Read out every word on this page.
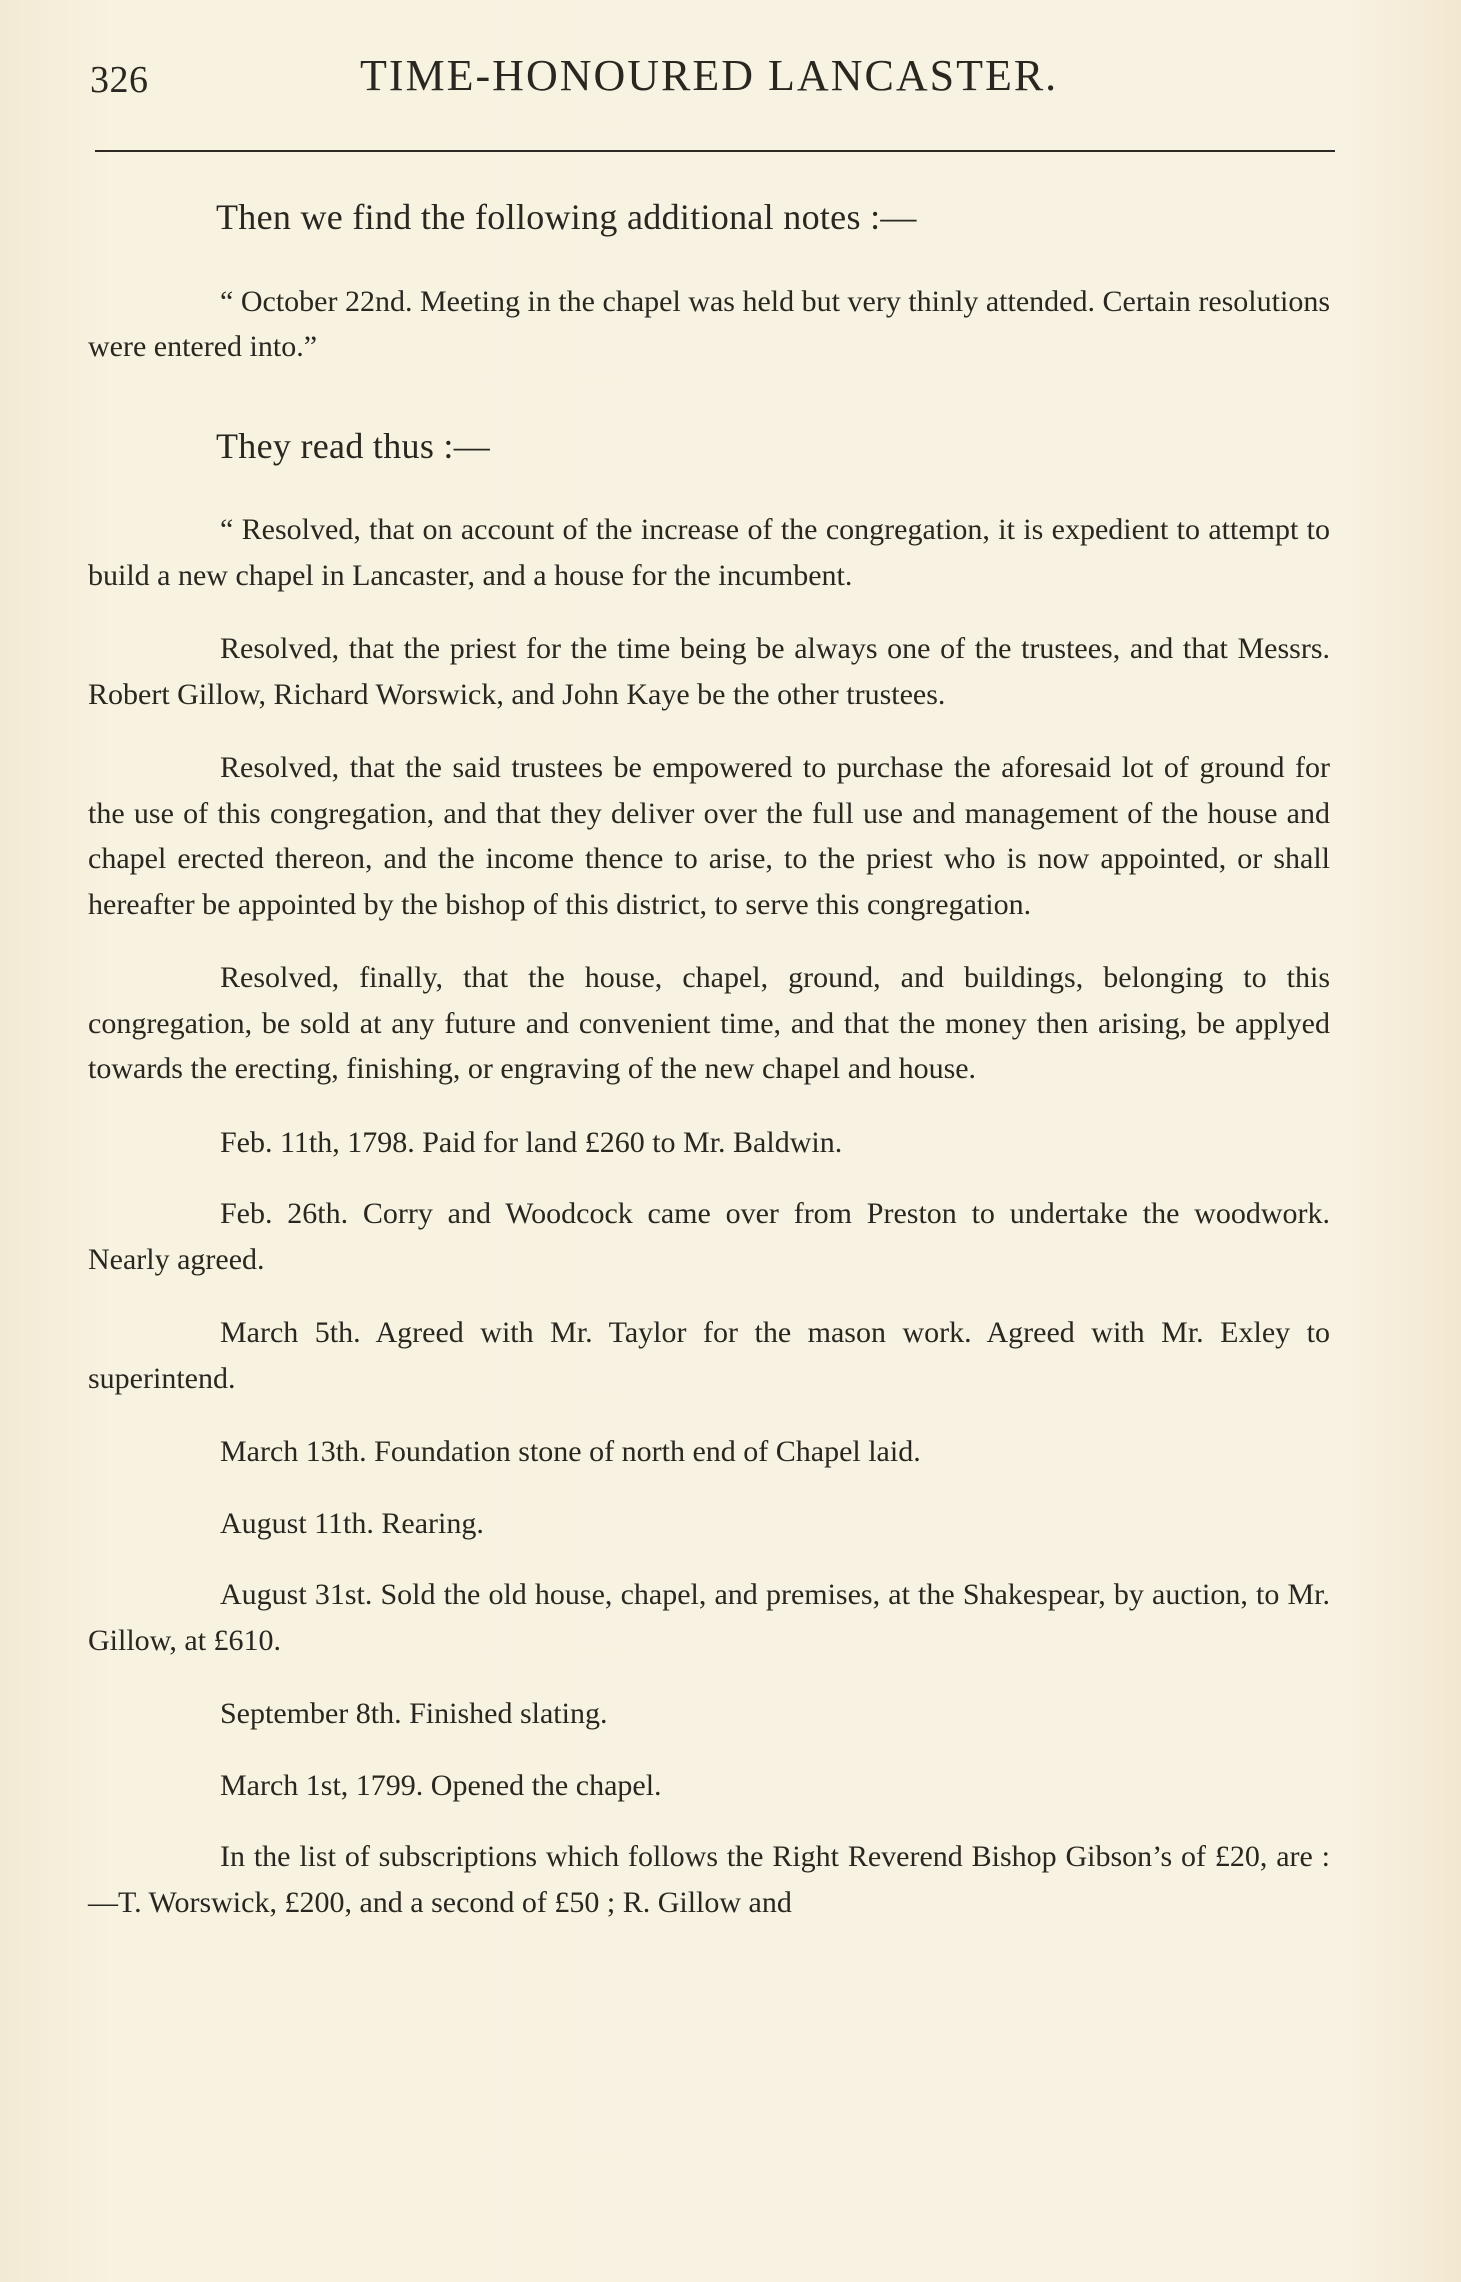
326	TIME-HONOURED LANCASTER.

Then we find the following additional notes :—

“ October 22nd. Meeting in the chapel was held but very thinly attended. Certain resolutions were entered into.”

They read thus :—

“ Resolved, that on account of the increase of the congregation, it is expedient to attempt to build a new chapel in Lancaster, and a house for the incumbent.

Resolved, that the priest for the time being be always one of the trustees, and that Messrs. Robert Gillow, Richard Worswick, and John Kaye be the other trustees.

Resolved, that the said trustees be empowered to purchase the aforesaid lot of ground for the use of this congregation, and that they deliver over the full use and management of the house and chapel erected thereon, and the income thence to arise, to the priest who is now appointed, or shall hereafter be appointed by the bishop of this district, to serve this congregation.

Resolved, finally, that the house, chapel, ground, and buildings, belonging to this congregation, be sold at any future and convenient time, and that the money then arising, be applyed towards the erecting, finishing, or engraving of the new chapel and house.

Feb. 11th, 1798. Paid for land £260 to Mr. Baldwin.

Feb. 26th. Corry and Woodcock came over from Preston to undertake the woodwork. Nearly agreed.

March 5th. Agreed with Mr. Taylor for the mason work. Agreed with Mr. Exley to superintend.

March 13th. Foundation stone of north end of Chapel laid.

August 11th. Rearing.

August 31st. Sold the old house, chapel, and premises, at the Shakespear, by auction, to Mr. Gillow, at £610.

September 8th. Finished slating.

March 1st, 1799. Opened the chapel.

In the list of subscriptions which follows the Right Reverend Bishop Gibson’s of £20, are :—T. Worswick, £200, and a second of £50 ; R. Gillow and
